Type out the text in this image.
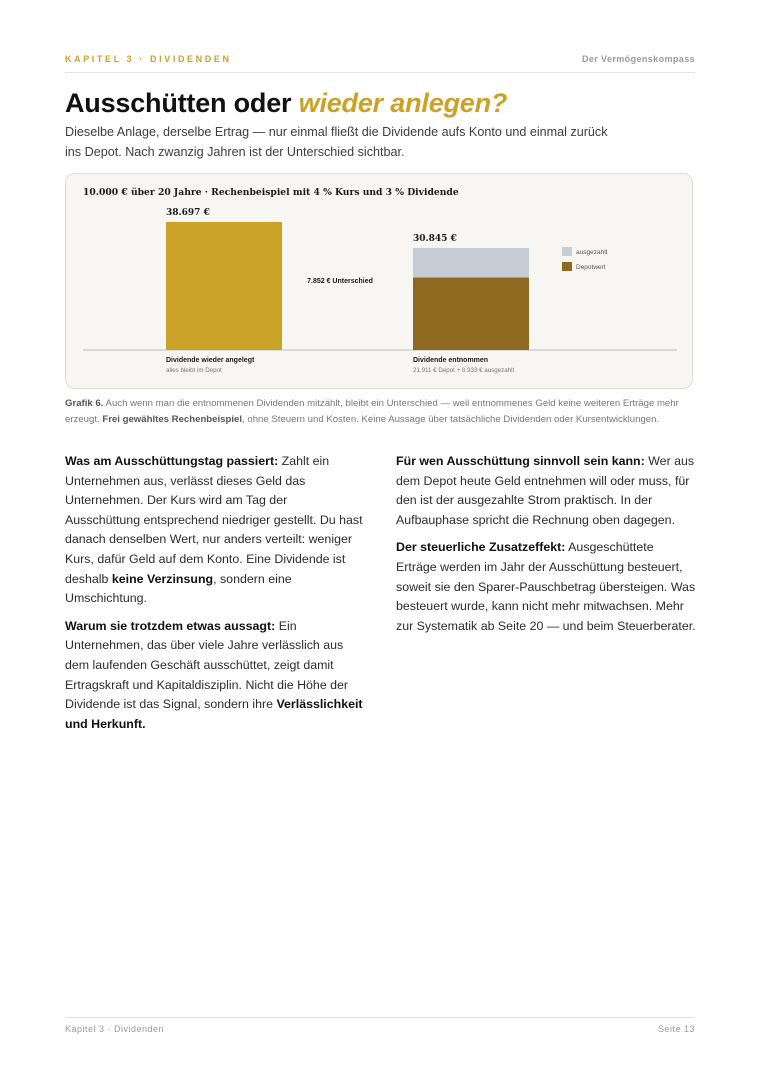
KAPITEL 3 · DIVIDENDEN	Der Vermögenskompass
Ausschütten oder wieder anlegen?

Dieselbe Anlage, derselbe Ertrag — nur einmal fließt die Dividende aufs Konto und einmal zurück ins Depot. Nach zwanzig Jahren ist der Unterschied sichtbar.

10.000 € über 20 Jahre · Rechenbeispiel mit 4 % Kurs und 3 % Dividende
38.697 €
Dividende wieder angelegt
alles bleibt im Depot
30.845 €
Dividende entnommen
21.911 € Depot + 8.933 € ausgezahlt
7.852 € Unterschied
ausgezahlt
Depotwert

Grafik 6. Auch wenn man die entnommenen Dividenden mitzählt, bleibt ein Unterschied — weil entnommenes Geld keine weiteren Erträge mehr erzeugt. Frei gewähltes Rechenbeispiel, ohne Steuern und Kosten. Keine Aussage über tatsächliche Dividenden oder Kursentwicklungen.

Was am Ausschüttungstag passiert: Zahlt ein Unternehmen aus, verlässt dieses Geld das Unternehmen. Der Kurs wird am Tag der Ausschüttung entsprechend niedriger gestellt. Du hast danach denselben Wert, nur anders verteilt: weniger Kurs, dafür Geld auf dem Konto. Eine Dividende ist deshalb keine Verzinsung, sondern eine Umschichtung.

Warum sie trotzdem etwas aussagt: Ein Unternehmen, das über viele Jahre verlässlich aus dem laufenden Geschäft ausschüttet, zeigt damit Ertragskraft und Kapitaldisziplin. Nicht die Höhe der Dividende ist das Signal, sondern ihre Verlässlichkeit und Herkunft.

Für wen Ausschüttung sinnvoll sein kann: Wer aus dem Depot heute Geld entnehmen will oder muss, für den ist der ausgezahlte Strom praktisch. In der Aufbauphase spricht die Rechnung oben dagegen.

Der steuerliche Zusatzeffekt: Ausgeschüttete Erträge werden im Jahr der Ausschüttung besteuert, soweit sie den Sparer-Pauschbetrag übersteigen. Was besteuert wurde, kann nicht mehr mitwachsen. Mehr zur Systematik ab Seite 20 — und beim Steuerberater.

Kapitel 3 · Dividenden	Seite 13
